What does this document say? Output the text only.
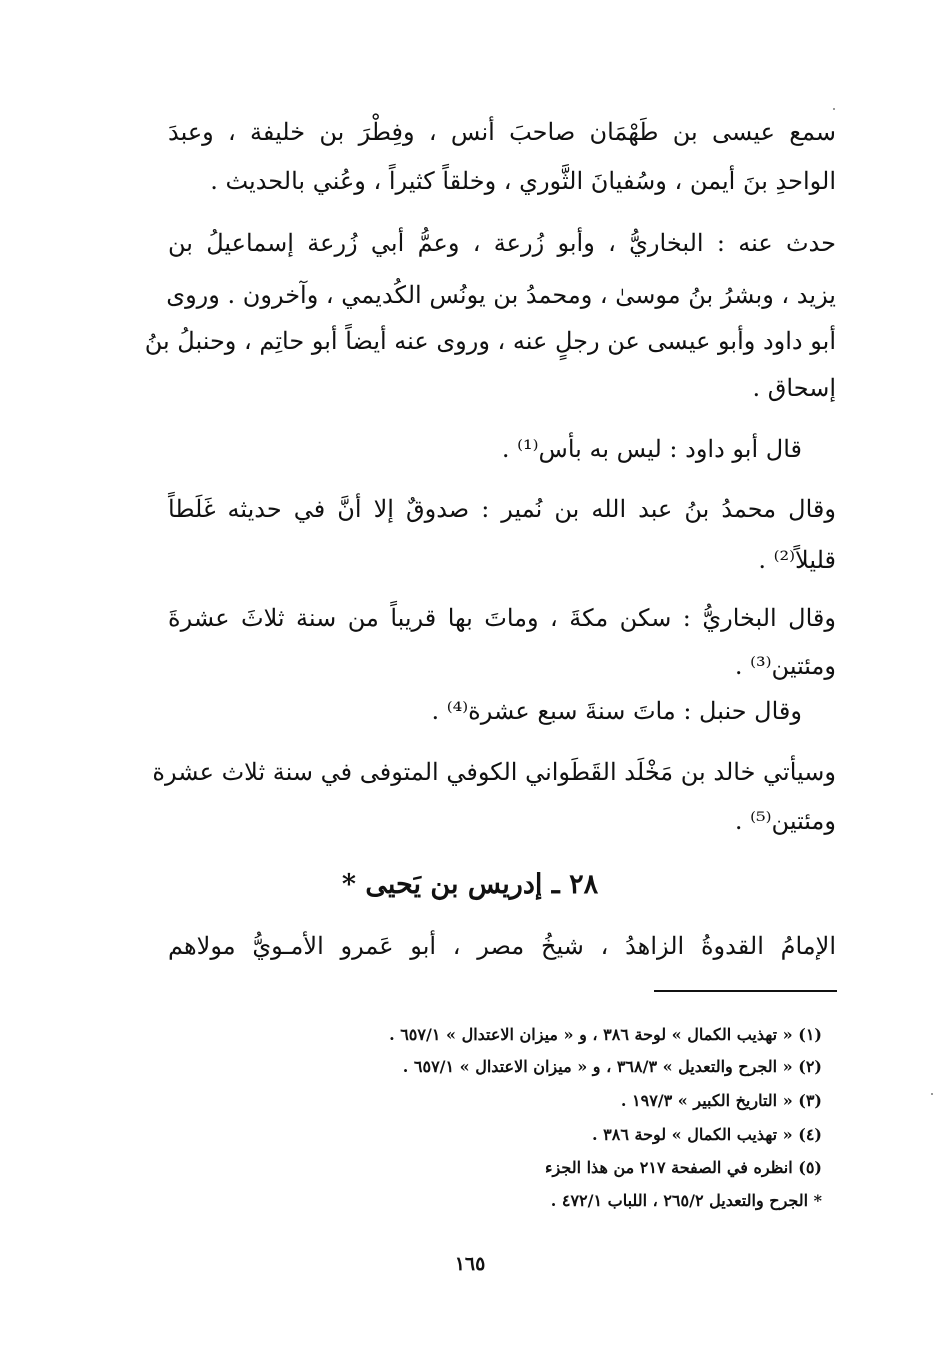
سمع عيسى بن طَهْمَان صاحبَ أنس ، وفِطْرَ بن خليفة ، وعبدَ
الواحدِ بنَ أيمن ، وسُفيانَ الثَّوري ، وخلقاً كثيراً ، وعُني بالحديث .
حدث عنه : البخاريُّ ، وأبو زُرعة ، وعمُّ أبي زُرعة إسماعيلُ بن
يزيد ، وبشرُ بنُ موسىٰ ، ومحمدُ بن يونُس الكُديمي ، وآخرون . وروى
أبو داود وأبو عيسى عن رجلٍ عنه ، وروى عنه أيضاً أبو حاتِم ، وحنبلُ بنُ
إسحاق .
قال أبو داود : ليس به بأس⁽¹⁾ .
وقال محمدُ بنُ عبد الله بن نُمير : صدوقٌ إلا أنَّ في حديثه غَلَطاً
قليلاً⁽²⁾ .
وقال البخاريُّ : سكن مكةَ ، وماتَ بها قريباً من سنة ثلاثَ عشرةَ
ومئتين⁽³⁾ .
وقال حنبل : ماتَ سنةَ سبع عشرة⁽⁴⁾ .
وسيأتي خالد بن مَخْلَد القَطَواني الكوفي المتوفى في سنة ثلاث عشرة
ومئتين⁽⁵⁾ .
٢٨ ـ إدريس بن يَحيى *
الإمامُ القدوةُ الزاهدُ ، شيخُ مصر ، أبو عَمرو الأمـويُّ مولاهم
(١) « تهذيب الكمال » لوحة ٣٨٦ ، و « ميزان الاعتدال » ٦٥٧/١ .
(٢) « الجرح والتعديل » ٣٦٨/٣ ، و « ميزان الاعتدال » ٦٥٧/١ .
(٣) « التاريخ الكبير » ١٩٧/٣ .
(٤) « تهذيب الكمال » لوحة ٣٨٦ .
(٥) انظره في الصفحة ٢١٧ من هذا الجزء
* الجرح والتعديل ٢٦٥/٢ ، اللباب ٤٧٢/١ .
١٦٥
